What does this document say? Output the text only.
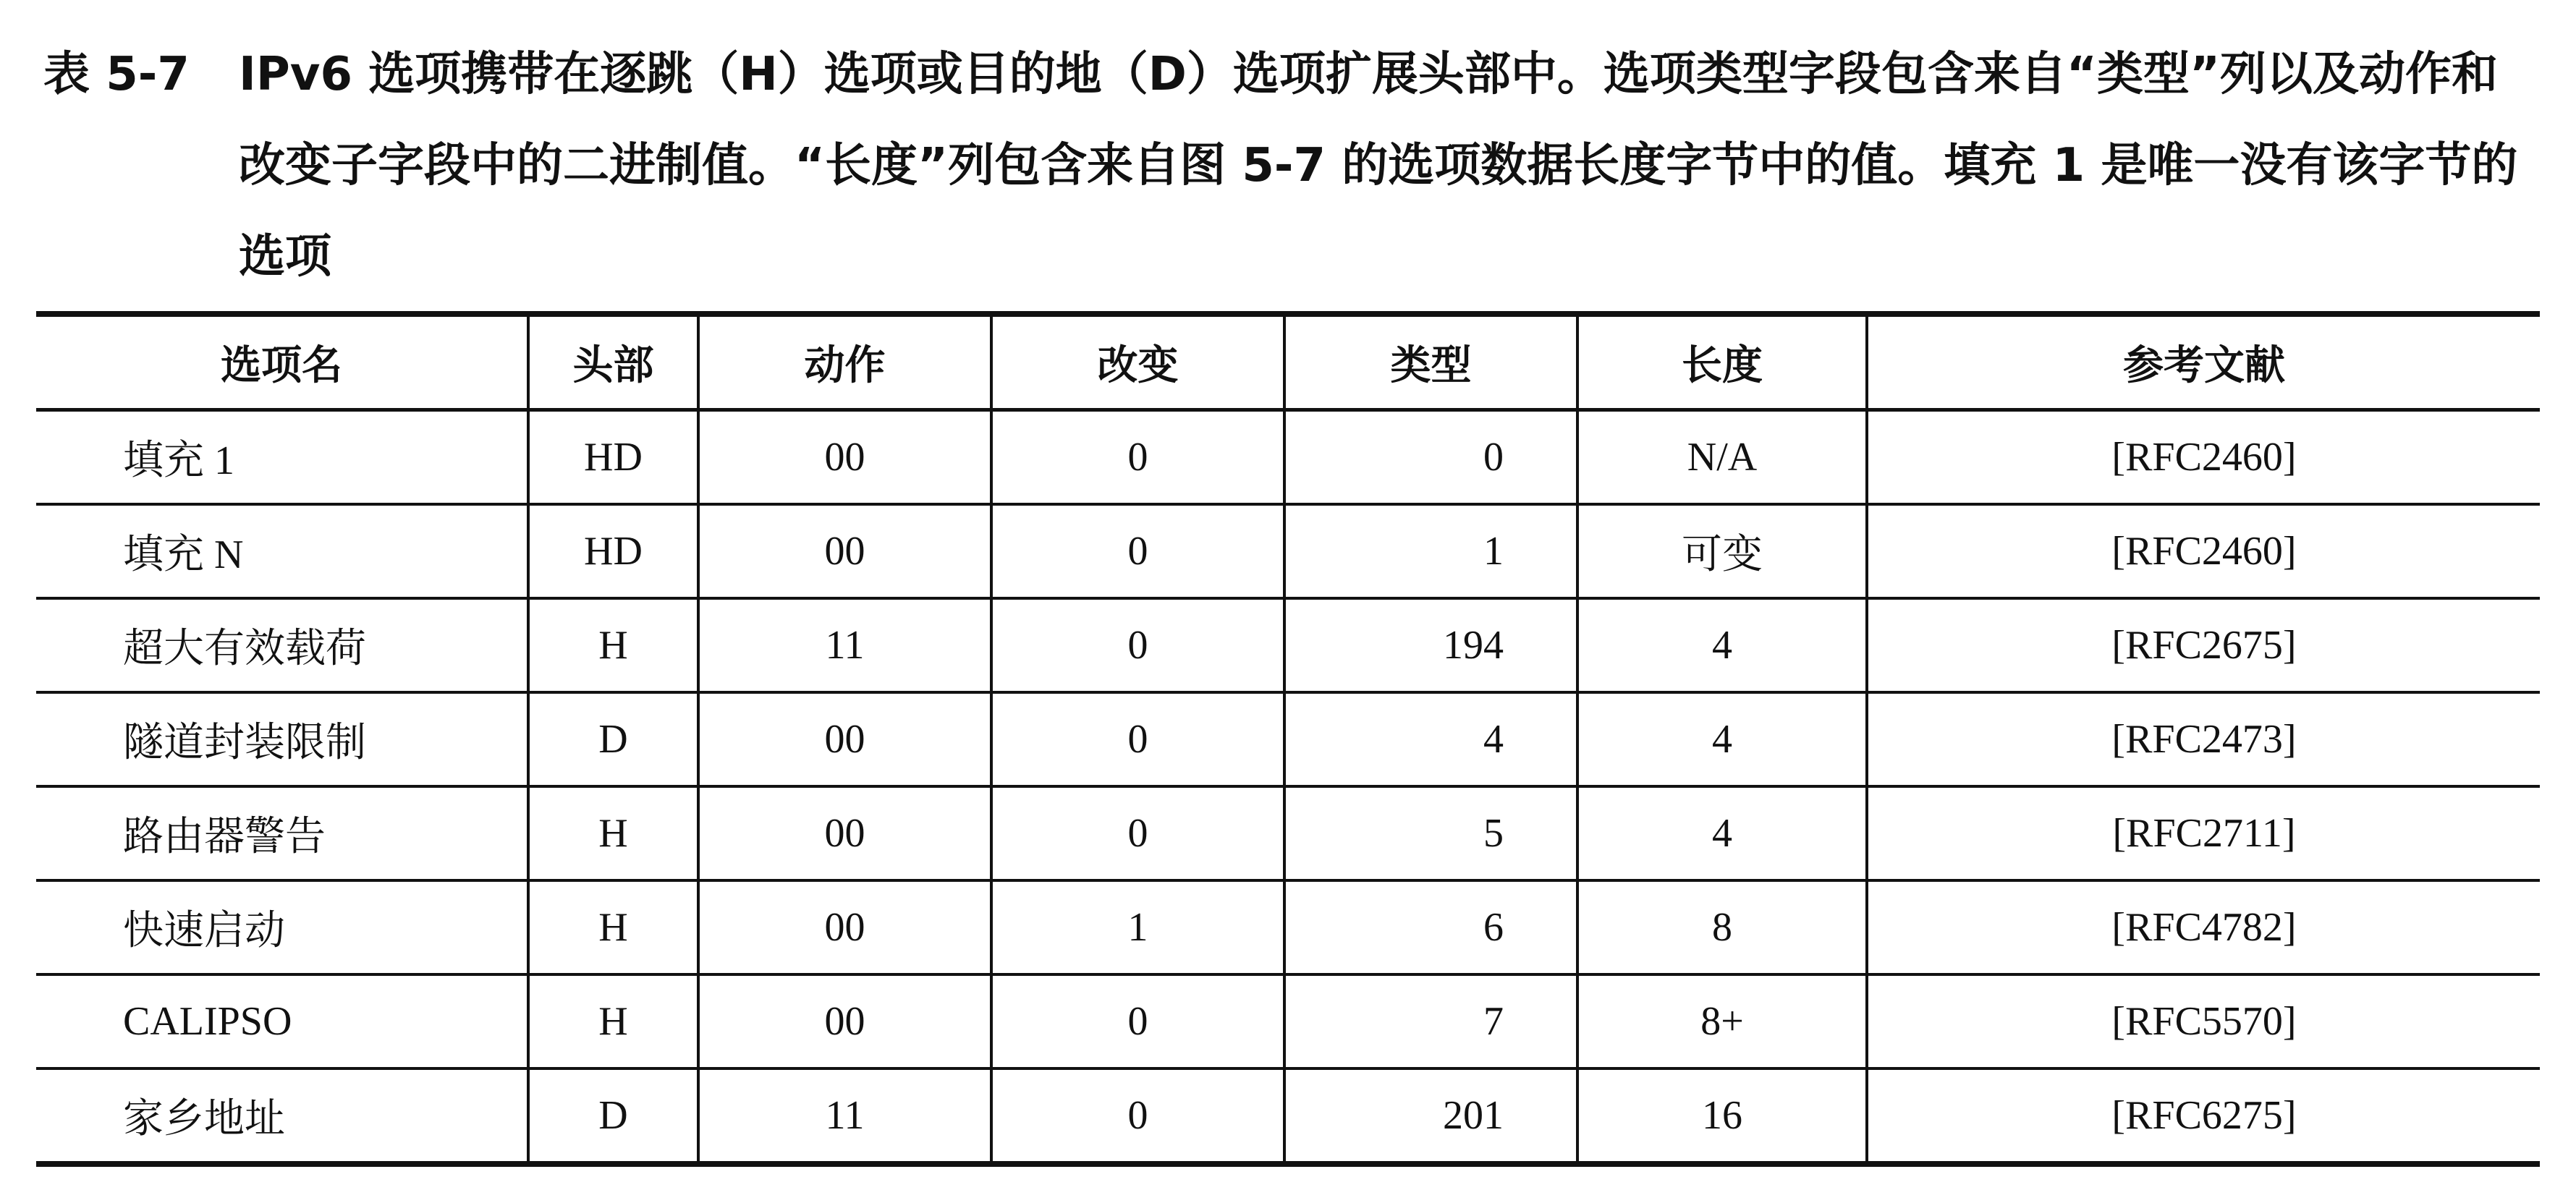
表 5-7	IPv6 选项携带在逐跳（H）选项或目的地（D）选项扩展头部中。选项类型字段包含来自“类型”列以及动作和改变子字段中的二进制值。“长度”列包含来自图 5-7 的选项数据长度字节中的值。填充 1 是唯一没有该字节的选项
选项名	头部	动作	改变	类型	长度	参考文献
填充 1	HD	00	0	0	N/A	[RFC2460]
填充 N	HD	00	0	1	可变	[RFC2460]
超大有效载荷	H	11	0	194	4	[RFC2675]
隧道封装限制	D	00	0	4	4	[RFC2473]
路由器警告	H	00	0	5	4	[RFC2711]
快速启动	H	00	1	6	8	[RFC4782]
CALIPSO	H	00	0	7	8+	[RFC5570]
家乡地址	D	11	0	201	16	[RFC6275]
